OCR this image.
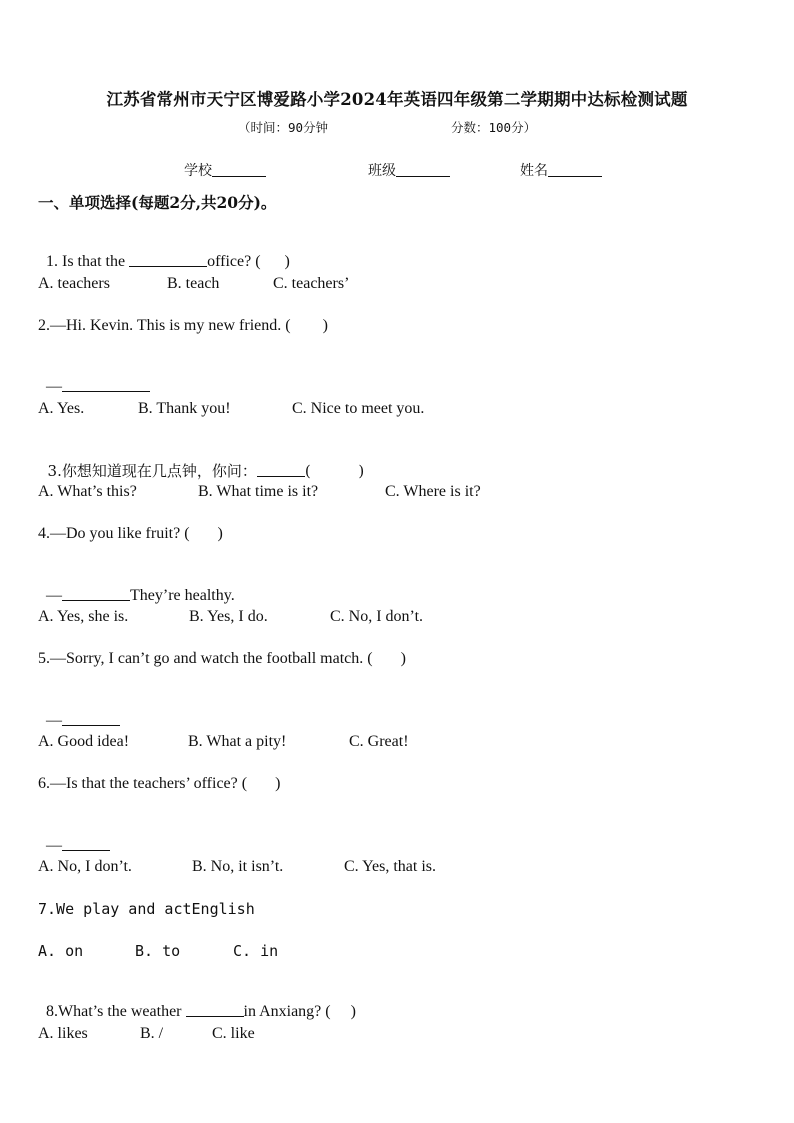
江苏省常州市天宁区博爱路小学2024年英语四年级第二学期期中达标检测试题
（时间：90分钟	分数：100分）
学校	班级	姓名
一、单项选择(每题2分,共20分)。

1. Is that the	office? (      )

A. teachers

	B. teach

	C. teachers’

2.—Hi. Kevin. This is my new friend. (        )

—

A. Yes.

	B. Thank you!

	C. Nice to meet you.

3.你想知道现在几点钟，你问：	(          )

A. What’s this?

	B. What time is it?

	C. Where is it?

4.—Do you like fruit? (       )

—	They’re healthy.

A. Yes, she is.

	B. Yes, I do.

	C. No, I don’t.

5.—Sorry, I can’t go and watch the football match. (       )

—

A. Good idea!

	B. What a pity!

	C. Great!

6.—Is that the teachers’ office? (       )

—

A. No, I don’t.

	B. No, it isn’t.

	C. Yes, that is.

7.We play and actEnglish

A. on

	B. to

	C. in

8.What’s the weather	in Anxiang? (     )

A. likes

	B. /

	C. like
